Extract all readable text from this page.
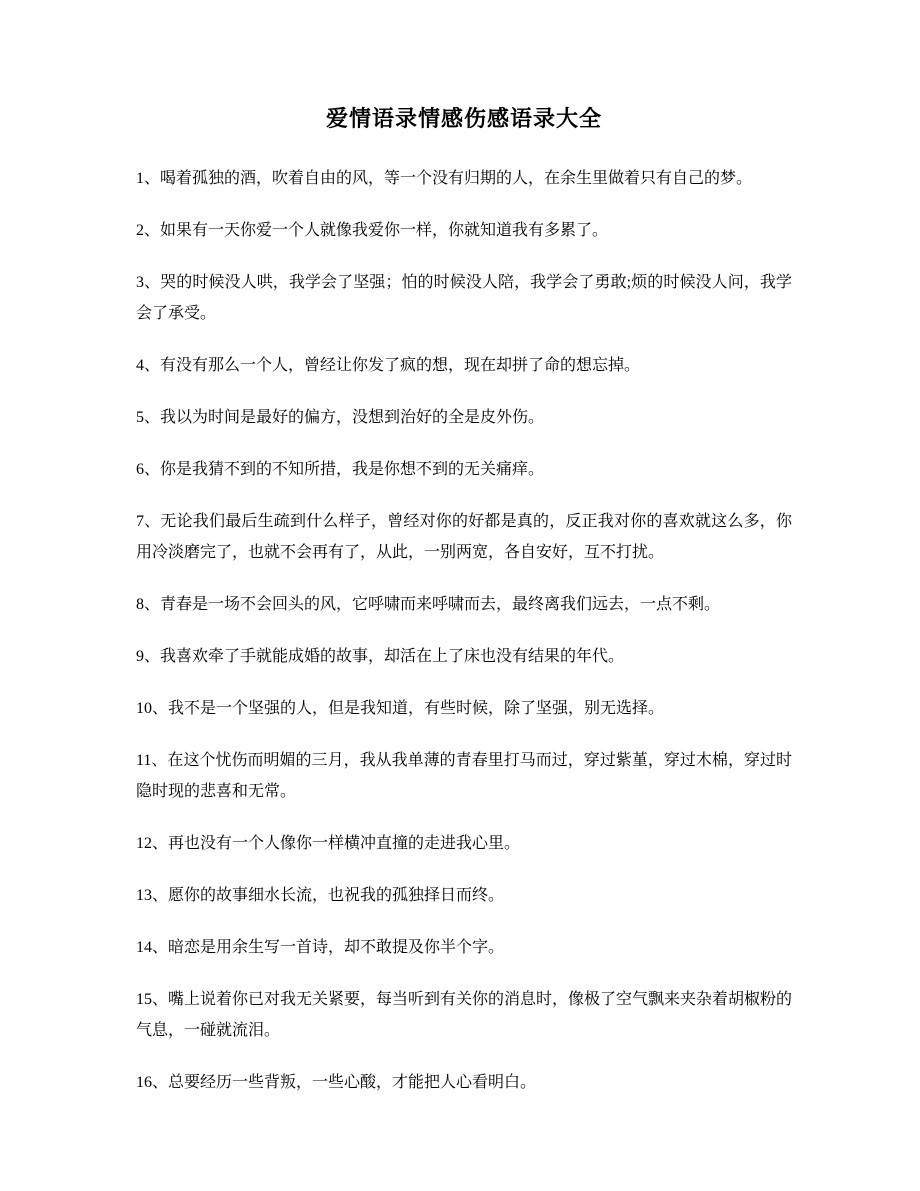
爱情语录情感伤感语录大全

1、喝着孤独的酒，吹着自由的风，等一个没有归期的人，在余生里做着只有自己的梦。

2、如果有一天你爱一个人就像我爱你一样，你就知道我有多累了。

3、哭的时候没人哄，我学会了坚强；怕的时候没人陪，我学会了勇敢;烦的时候没人问，我学会了承受。

4、有没有那么一个人，曾经让你发了疯的想，现在却拼了命的想忘掉。

5、我以为时间是最好的偏方，没想到治好的全是皮外伤。

6、你是我猜不到的不知所措，我是你想不到的无关痛痒。

7、无论我们最后生疏到什么样子，曾经对你的好都是真的，反正我对你的喜欢就这么多，你用冷淡磨完了，也就不会再有了，从此，一别两宽，各自安好，互不打扰。

8、青春是一场不会回头的风，它呼啸而来呼啸而去，最终离我们远去，一点不剩。

9、我喜欢牵了手就能成婚的故事，却活在上了床也没有结果的年代。

10、我不是一个坚强的人，但是我知道，有些时候，除了坚强，别无选择。

11、在这个忧伤而明媚的三月，我从我单薄的青春里打马而过，穿过紫堇，穿过木棉，穿过时隐时现的悲喜和无常。

12、再也没有一个人像你一样横冲直撞的走进我心里。

13、愿你的故事细水长流，也祝我的孤独择日而终。

14、暗恋是用余生写一首诗，却不敢提及你半个字。

15、嘴上说着你已对我无关紧要，每当听到有关你的消息时，像极了空气飘来夹杂着胡椒粉的气息，一碰就流泪。

16、总要经历一些背叛，一些心酸，才能把人心看明白。
